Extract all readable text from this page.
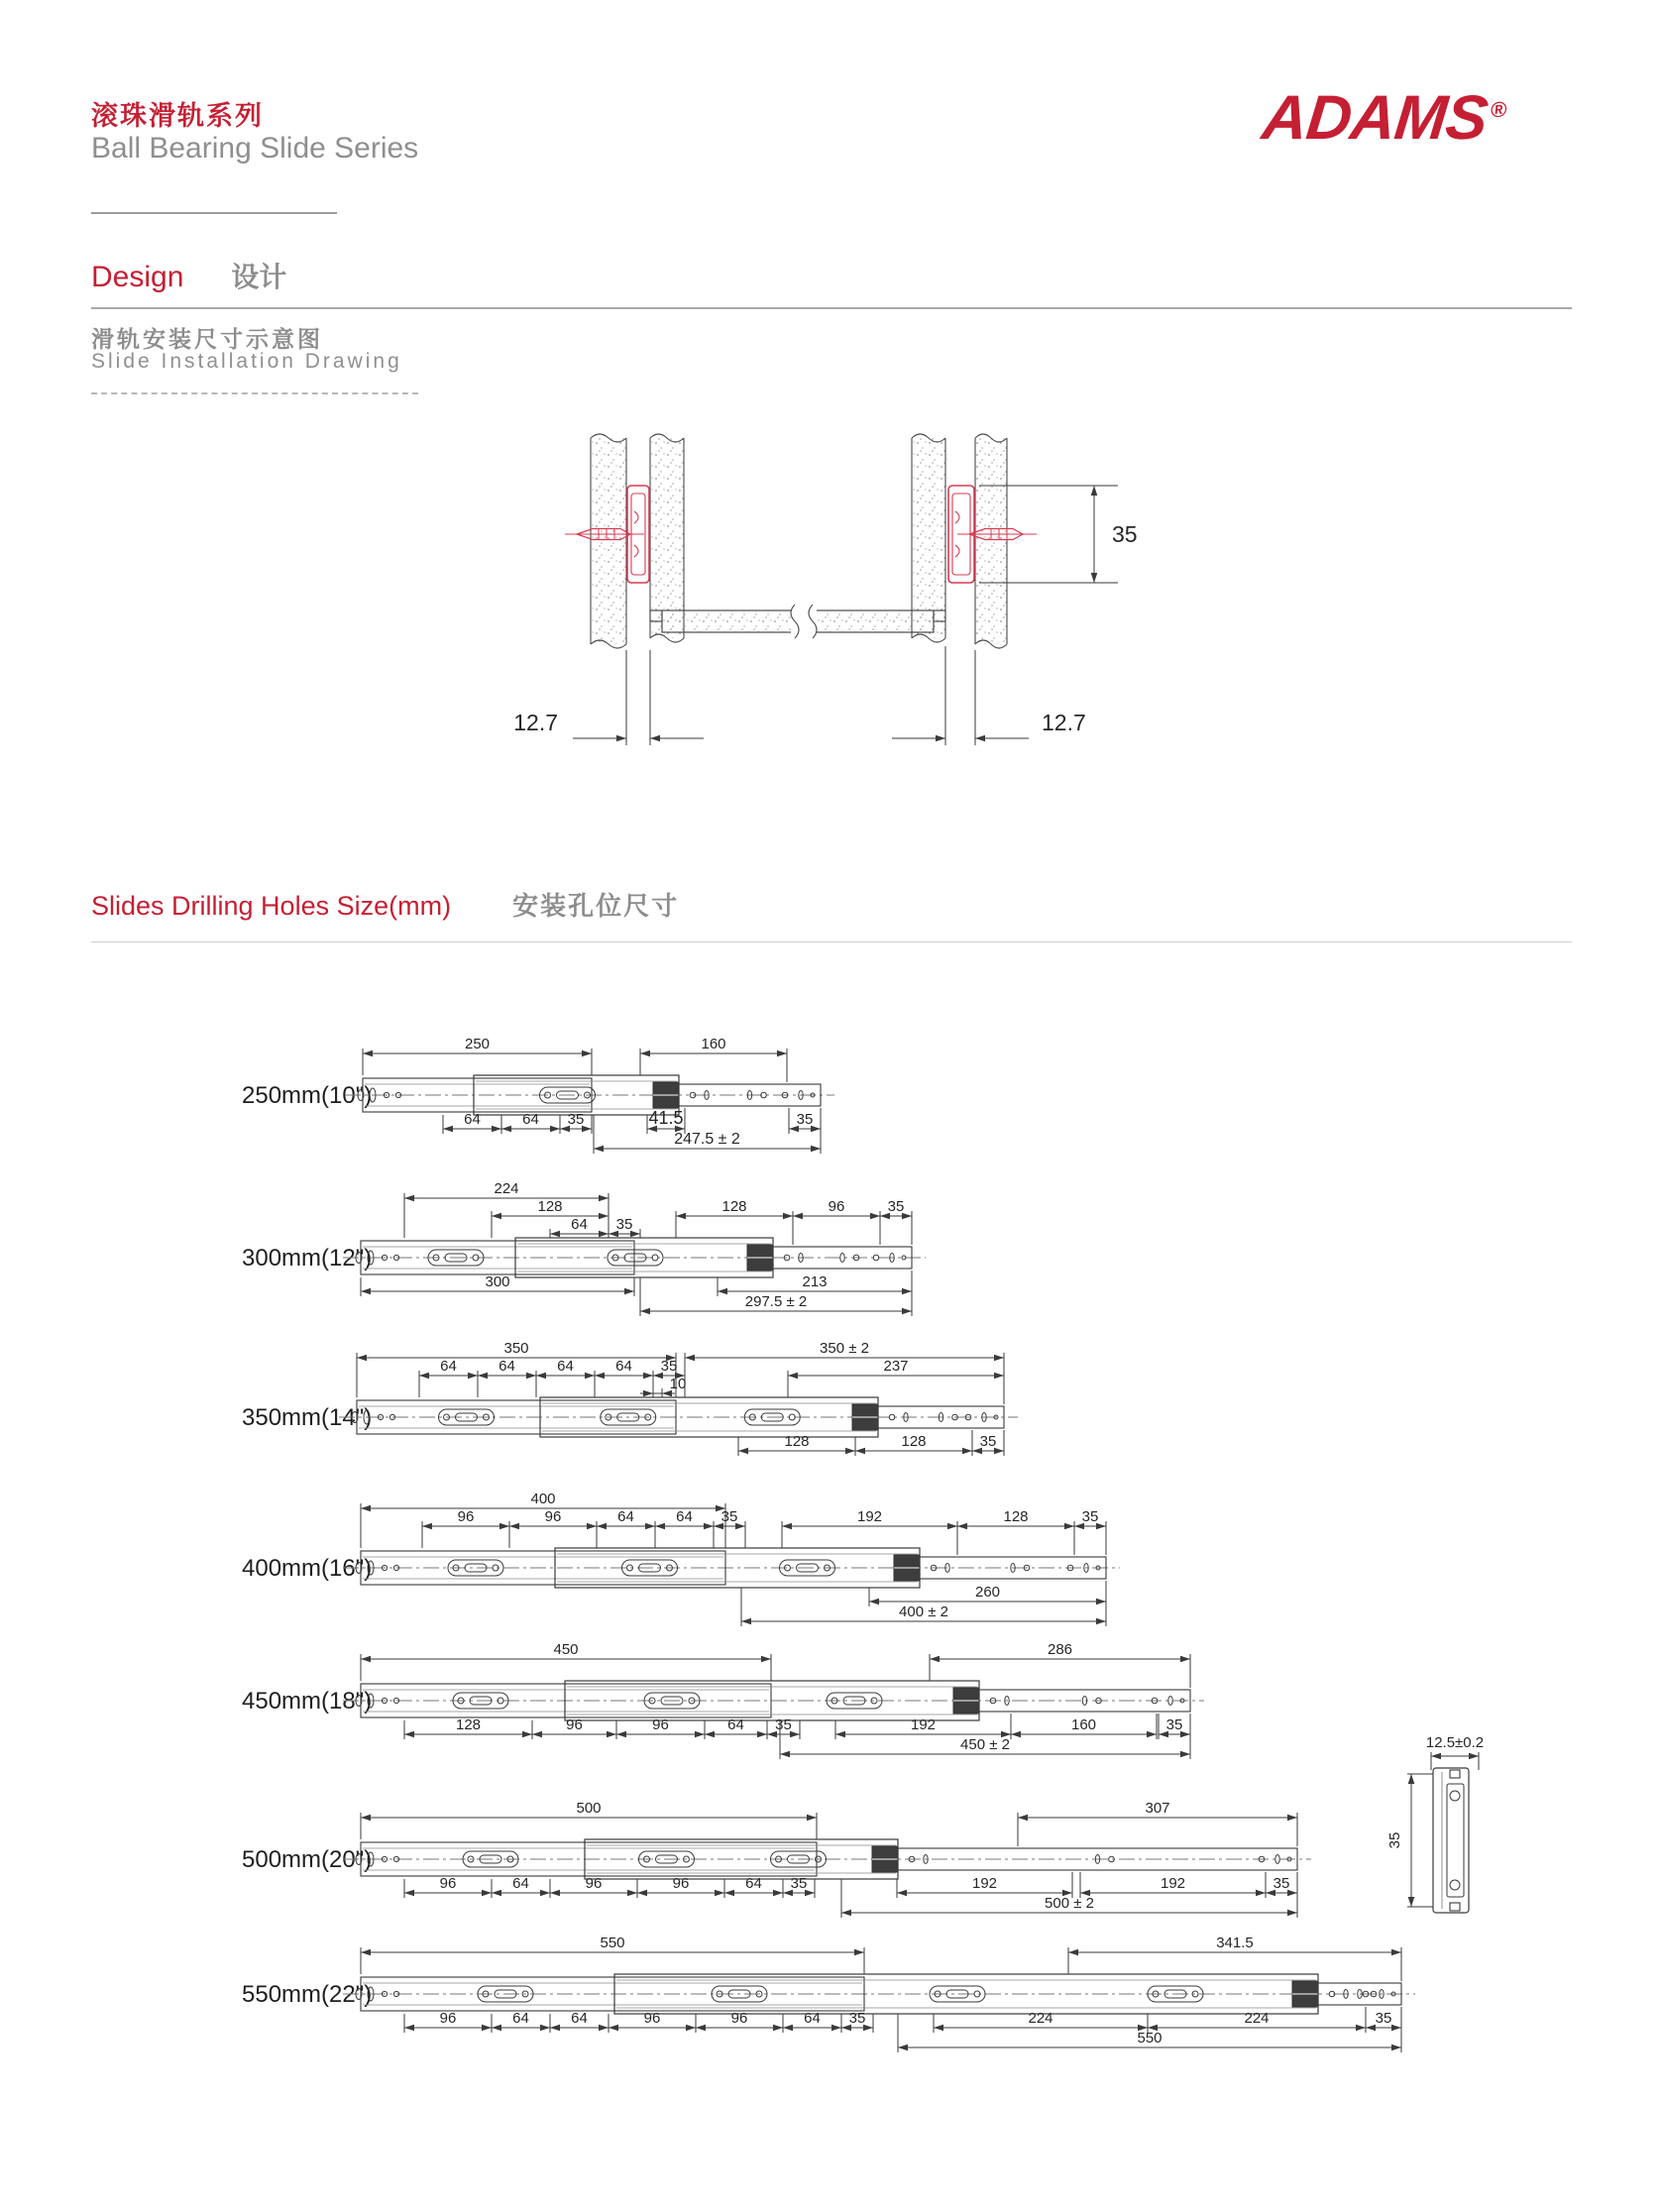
滚珠滑轨系列
Ball Bearing Slide Series	ADAMS®
Design 设计
滑轨安装尺寸示意图
Slide Installation Drawing
Slides Drilling Holes Size(mm) 安装孔位尺寸
35
12.7	12.7
250mm(10")
250	160
64	64 35	41.5	35
247.5 ± 2
300mm(12")
224
128
64 35
128	96	35
300	213
297.5 ± 2
350mm(14")
350
64	64	64	64 35
10
350 ± 2
237
128	128	35
400mm(16")
400
96	96	64	64 35	192	128	35
260
400 ± 2
450mm(18")
450	286
128	96	96	64 35	192	160	35
450 ± 2
500mm(20")
500	307
96	64	96	96	64 35	192	192	35
500 ± 2
550mm(22")
550	341.5
96	64	64	96	96	64 35	224	224	35
550
12.5±0.2
35
